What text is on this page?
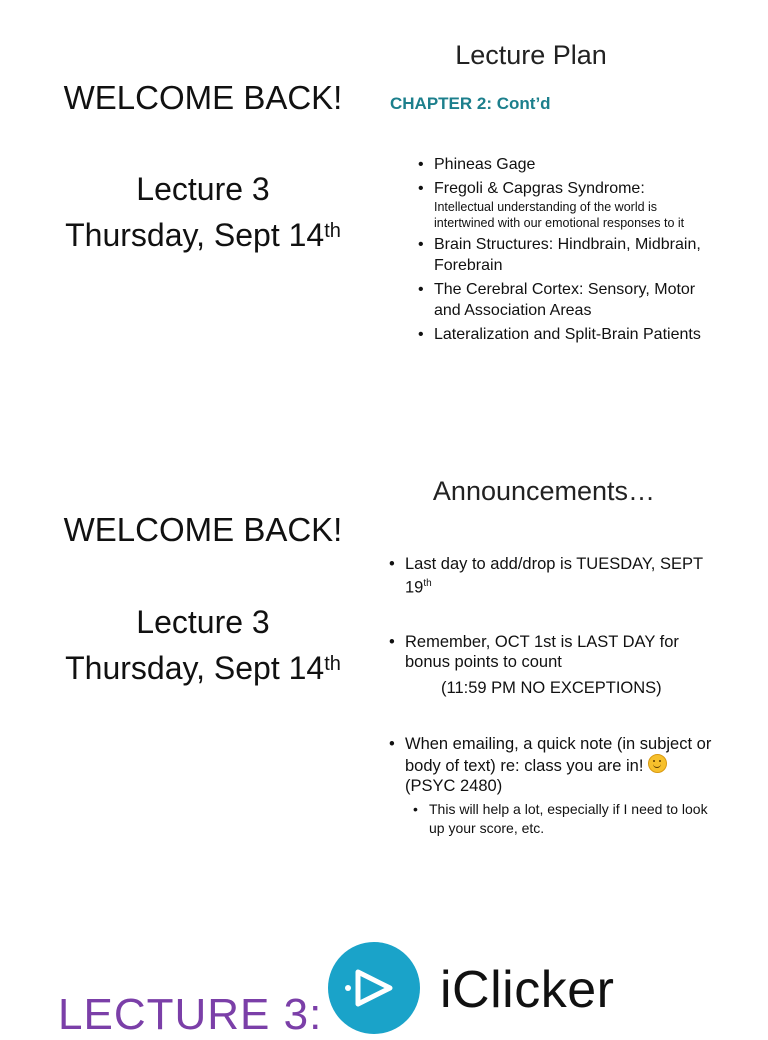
WELCOME BACK!
Lecture 3
Thursday, Sept 14th
Lecture Plan
CHAPTER 2: Cont’d
• Phineas Gage
• Fregoli & Capgras Syndrome:
Intellectual understanding of the world is intertwined with our emotional responses to it
• Brain Structures: Hindbrain, Midbrain, Forebrain
• The Cerebral Cortex: Sensory, Motor and Association Areas
• Lateralization and Split-Brain Patients
WELCOME BACK!
Lecture 3
Thursday, Sept 14th
Announcements…
• Last day to add/drop is TUESDAY, SEPT 19th
• Remember, OCT 1st is LAST DAY for bonus points to count
(11:59 PM NO EXCEPTIONS)
• When emailing, a quick note (in subject or body of text) re: class you are in!  (PSYC 2480)
• This will help a lot, especially if I need to look up your score, etc.
LECTURE 3: iClicker
